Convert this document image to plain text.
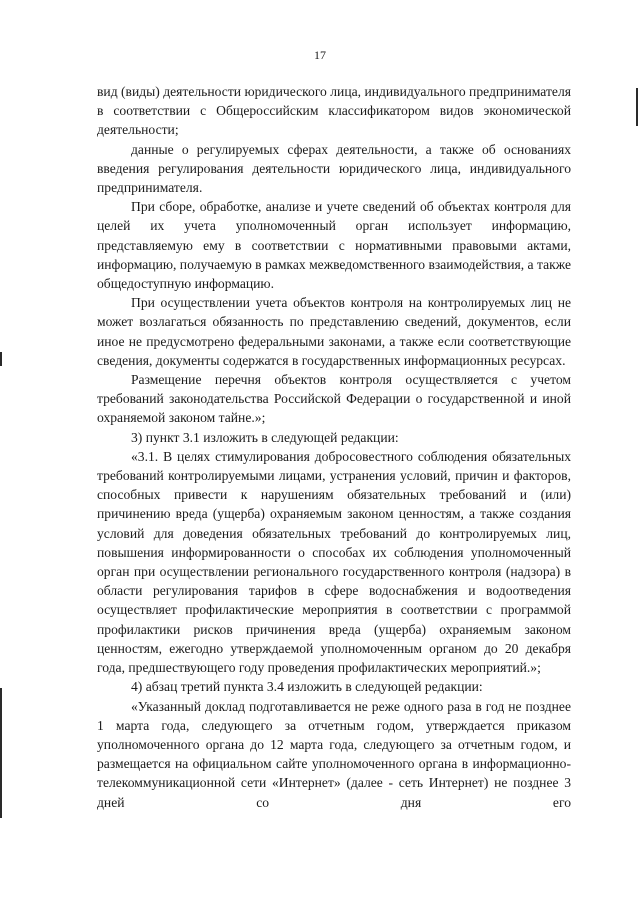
17

вид (виды) деятельности юридического лица, индивидуального предпринимателя в соответствии с Общероссийским классификатором видов экономической деятельности;

данные о регулируемых сферах деятельности, а также об основаниях введения регулирования деятельности юридического лица, индивидуального предпринимателя.

При сборе, обработке, анализе и учете сведений об объектах контроля для целей их учета уполномоченный орган использует информацию, представляемую ему в соответствии с нормативными правовыми актами, информацию, получаемую в рамках межведомственного взаимодействия, а также общедоступную информацию.

При осуществлении учета объектов контроля на контролируемых лиц не может возлагаться обязанность по представлению сведений, документов, если иное не предусмотрено федеральными законами, а также если соответствующие сведения, документы содержатся в государственных информационных ресурсах.

Размещение перечня объектов контроля осуществляется с учетом требований законодательства Российской Федерации о государственной и иной охраняемой законом тайне.»;

3) пункт 3.1 изложить в следующей редакции:

«3.1. В целях стимулирования добросовестного соблюдения обязательных требований контролируемыми лицами, устранения условий, причин и факторов, способных привести к нарушениям обязательных требований и (или) причинению вреда (ущерба) охраняемым законом ценностям, а также создания условий для доведения обязательных требований до контролируемых лиц, повышения информированности о способах их соблюдения уполномоченный орган при осуществлении регионального государственного контроля (надзора) в области регулирования тарифов в сфере водоснабжения и водоотведения осуществляет профилактические мероприятия в соответствии с программой профилактики рисков причинения вреда (ущерба) охраняемым законом ценностям, ежегодно утверждаемой уполномоченным органом до 20 декабря года, предшествующего году проведения профилактических мероприятий.»;

4) абзац третий пункта 3.4 изложить в следующей редакции:

«Указанный доклад подготавливается не реже одного раза в год не позднее 1 марта года, следующего за отчетным годом, утверждается приказом уполномоченного органа до 12 марта года, следующего за отчетным годом, и размещается на официальном сайте уполномоченного органа в информационно-телекоммуникационной сети «Интернет» (далее - сеть Интернет) не позднее 3 дней со дня его
